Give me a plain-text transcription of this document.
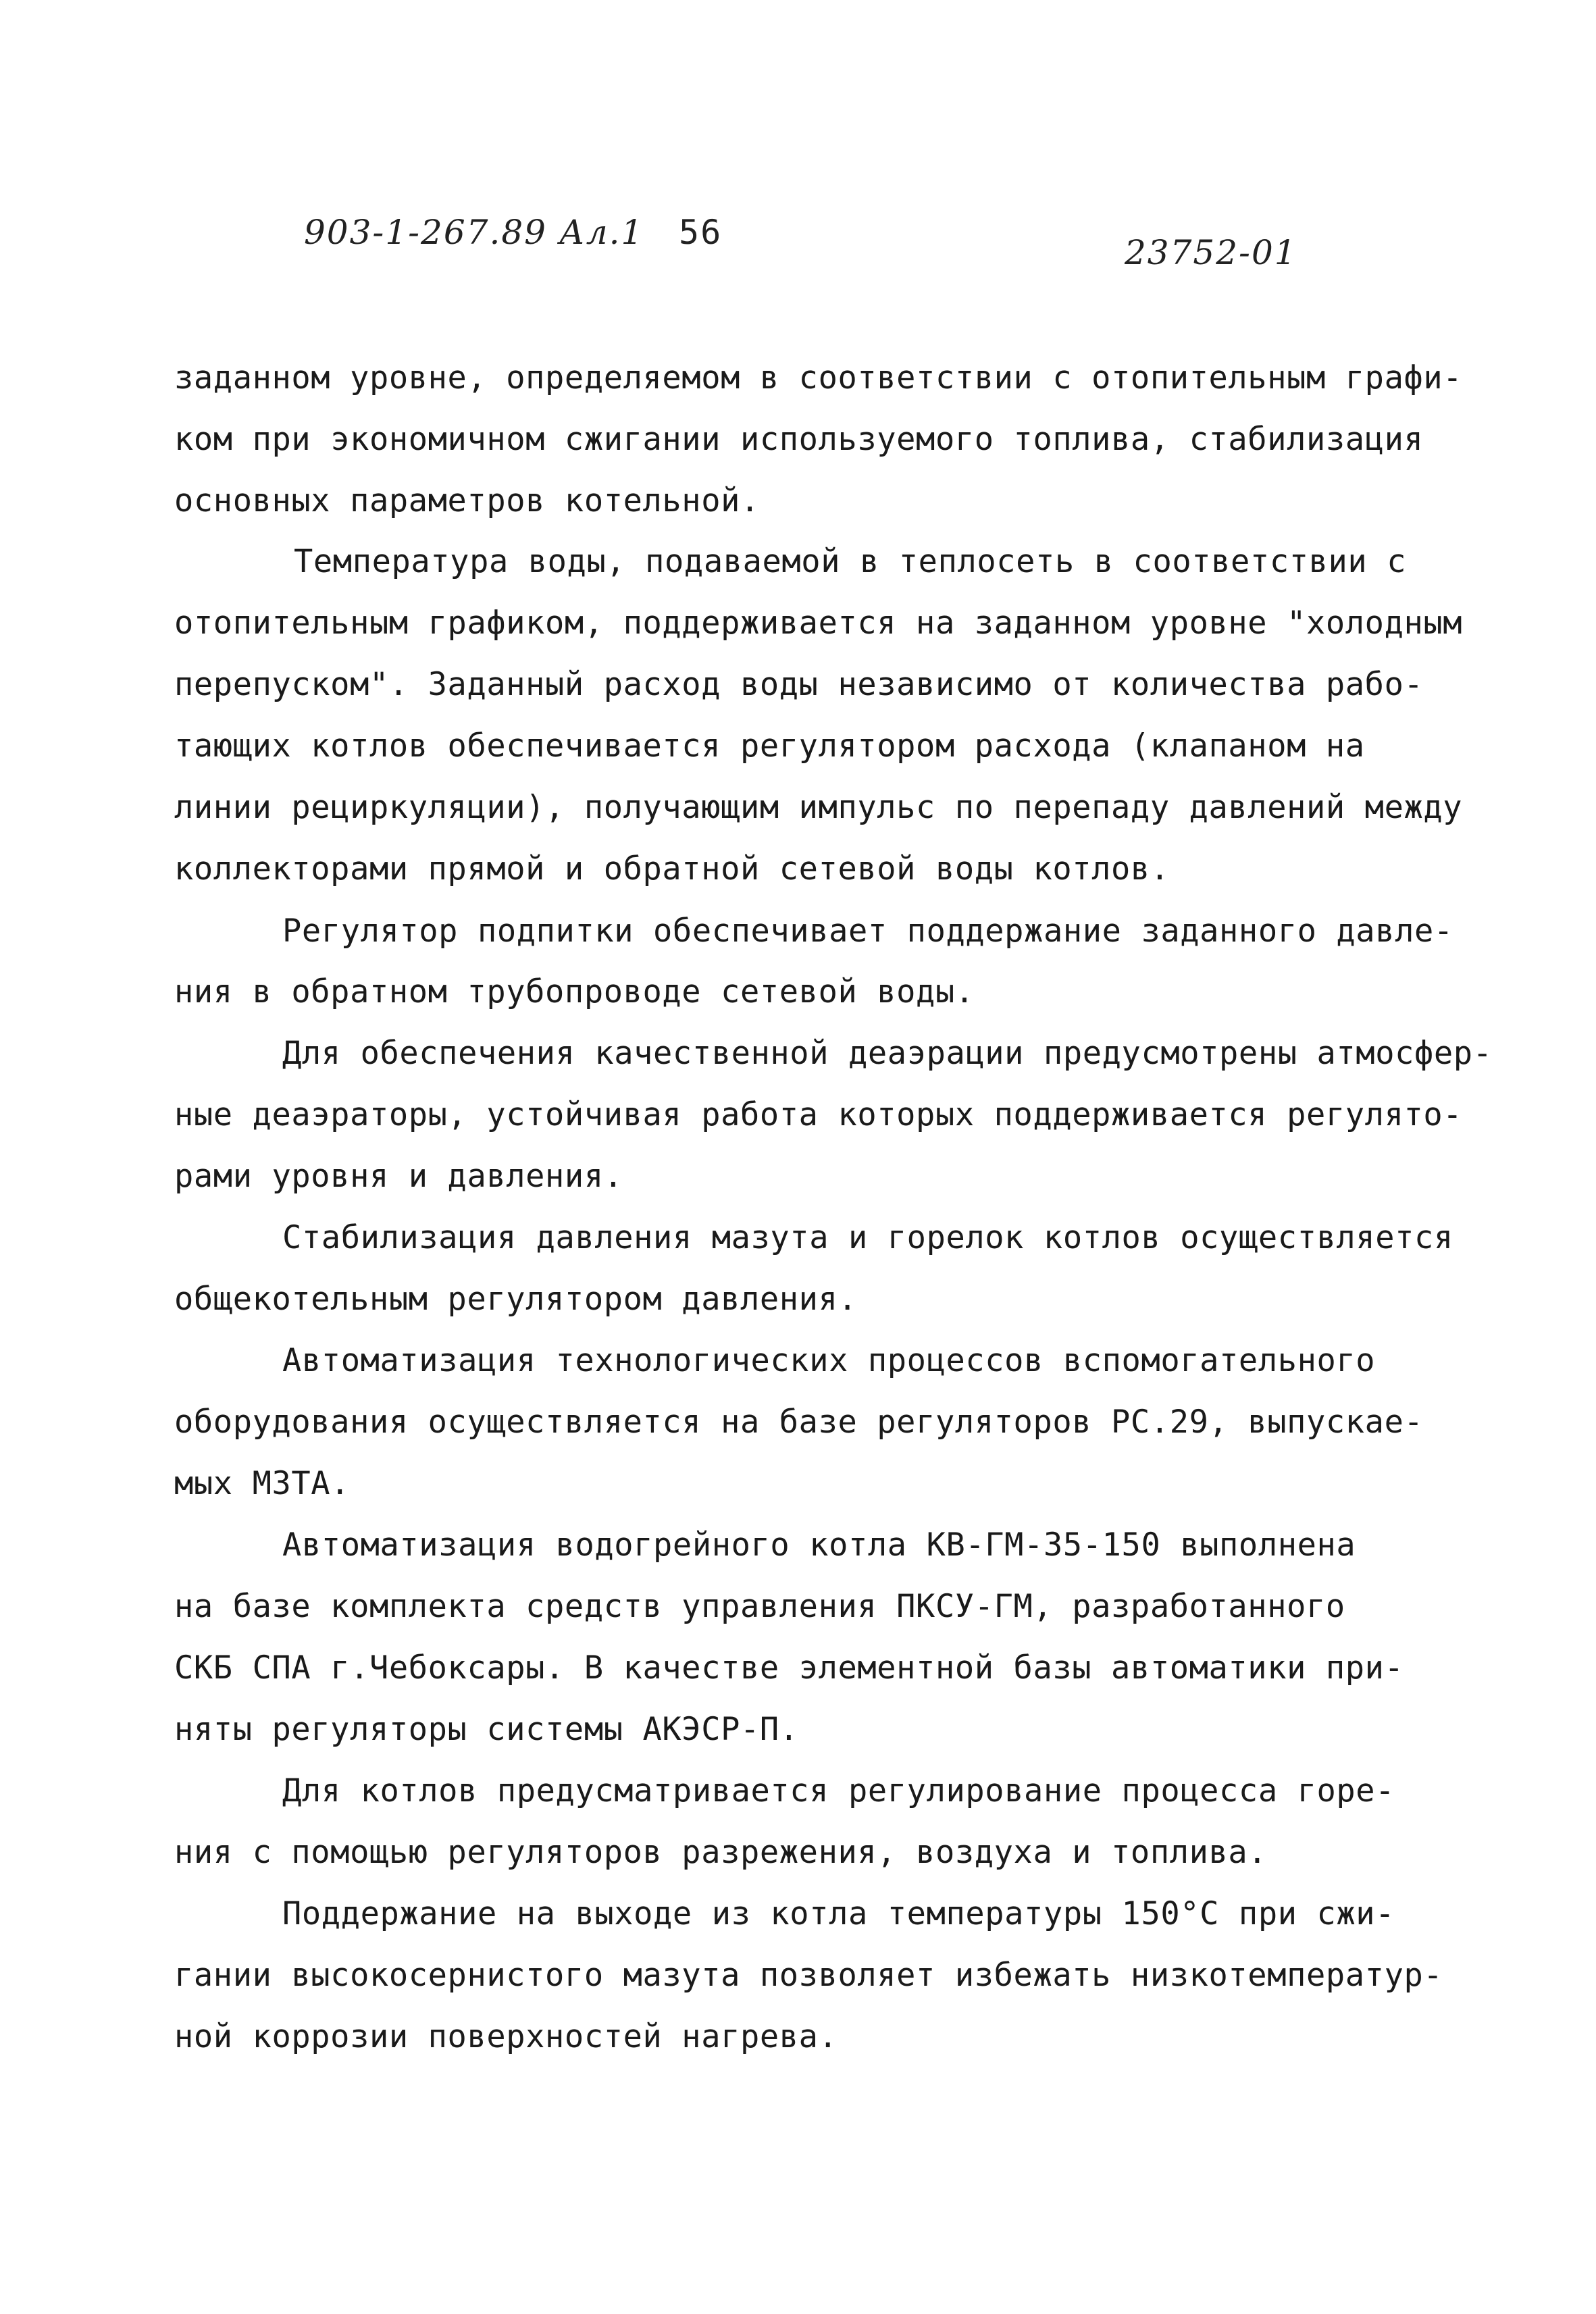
903-1-267.89 Ал.1 56
23752-01
заданном уровне, определяемом в соответствии с отопительным графи-
ком при экономичном сжигании используемого топлива, стабилизация
основных параметров котельной.
Температура воды, подаваемой в теплосеть в соответствии с
отопительным графиком, поддерживается на заданном уровне "холодным
перепуском". Заданный расход воды независимо от количества рабо-
тающих котлов обеспечивается регулятором расхода (клапаном на
линии рециркуляции), получающим импульс по перепаду давлений между
коллекторами прямой и обратной сетевой воды котлов.
Регулятор подпитки обеспечивает поддержание заданного давле-
ния в обратном трубопроводе сетевой воды.
Для обеспечения качественной деаэрации предусмотрены атмосфер-
ные деаэраторы, устойчивая работа которых поддерживается регулято-
рами уровня и давления.
Стабилизация давления мазута и горелок котлов осуществляется
общекотельным регулятором давления.
Автоматизация технологических процессов вспомогательного
оборудования осуществляется на базе регуляторов РС.29, выпускае-
мых МЗТА.
Автоматизация водогрейного котла КВ-ГМ-35-150 выполнена
на базе комплекта средств управления ПКСУ-ГМ, разработанного
СКБ СПА г.Чебоксары. В качестве элементной базы автоматики при-
няты регуляторы системы АКЭСР-П.
Для котлов предусматривается регулирование процесса горе-
ния с помощью регуляторов разрежения, воздуха и топлива.
Поддержание на выходе из котла температуры 150°С при сжи-
гании высокосернистого мазута позволяет избежать низкотемператур-
ной коррозии поверхностей нагрева.
